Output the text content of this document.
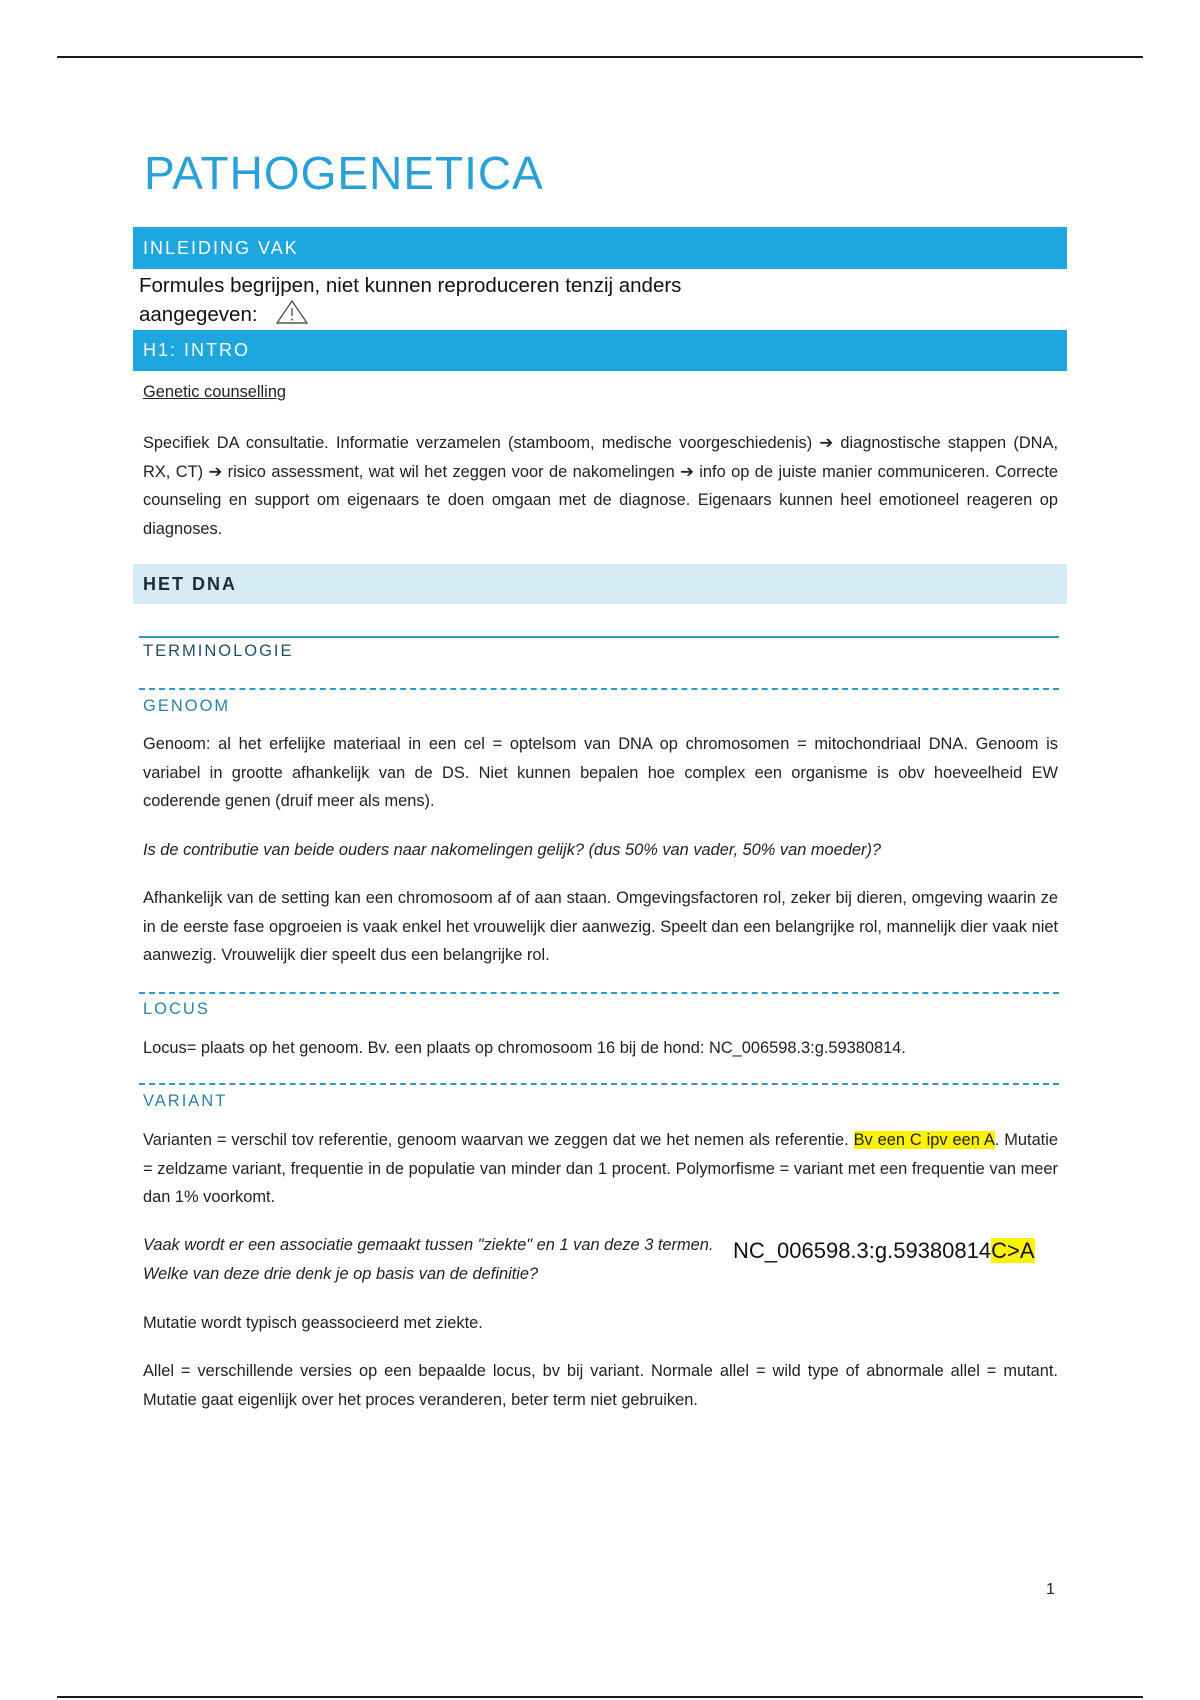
PATHOGENETICA
INLEIDING VAK
Formules begrijpen, niet kunnen reproduceren tenzij anders
aangegeven:
H1: INTRO
Genetic counselling
Specifiek DA consultatie. Informatie verzamelen (stamboom, medische voorgeschiedenis) ➔ diagnostische stappen (DNA, RX, CT) ➔ risico assessment, wat wil het zeggen voor de nakomelingen ➔ info op de juiste manier communiceren. Correcte counseling en support om eigenaars te doen omgaan met de diagnose. Eigenaars kunnen heel emotioneel reageren op diagnoses.
HET DNA
TERMINOLOGIE
GENOOM
Genoom: al het erfelijke materiaal in een cel = optelsom van DNA op chromosomen = mitochondriaal DNA. Genoom is variabel in grootte afhankelijk van de DS. Niet kunnen bepalen hoe complex een organisme is obv hoeveelheid EW coderende genen (druif meer als mens).
Is de contributie van beide ouders naar nakomelingen gelijk? (dus 50% van vader, 50% van moeder)?
Afhankelijk van de setting kan een chromosoom af of aan staan. Omgevingsfactoren rol, zeker bij dieren, omgeving waarin ze in de eerste fase opgroeien is vaak enkel het vrouwelijk dier aanwezig. Speelt dan een belangrijke rol, mannelijk dier vaak niet aanwezig. Vrouwelijk dier speelt dus een belangrijke rol.
LOCUS
Locus= plaats op het genoom. Bv. een plaats op chromosoom 16 bij de hond: NC_006598.3:g.59380814.
VARIANT
Varianten = verschil tov referentie, genoom waarvan we zeggen dat we het nemen als referentie. Bv een C ipv een A. Mutatie = zeldzame variant, frequentie in de populatie van minder dan 1 procent. Polymorfisme = variant met een frequentie van meer dan 1% voorkomt.
Vaak wordt er een associatie gemaakt tussen "ziekte" en 1 van deze 3 termen. Welke van deze drie denk je op basis van de definitie?
NC_006598.3:g.59380814C>A
Mutatie wordt typisch geassocieerd met ziekte.
Allel = verschillende versies op een bepaalde locus, bv bij variant. Normale allel = wild type of abnormale allel = mutant. Mutatie gaat eigenlijk over het proces veranderen, beter term niet gebruiken.
1
